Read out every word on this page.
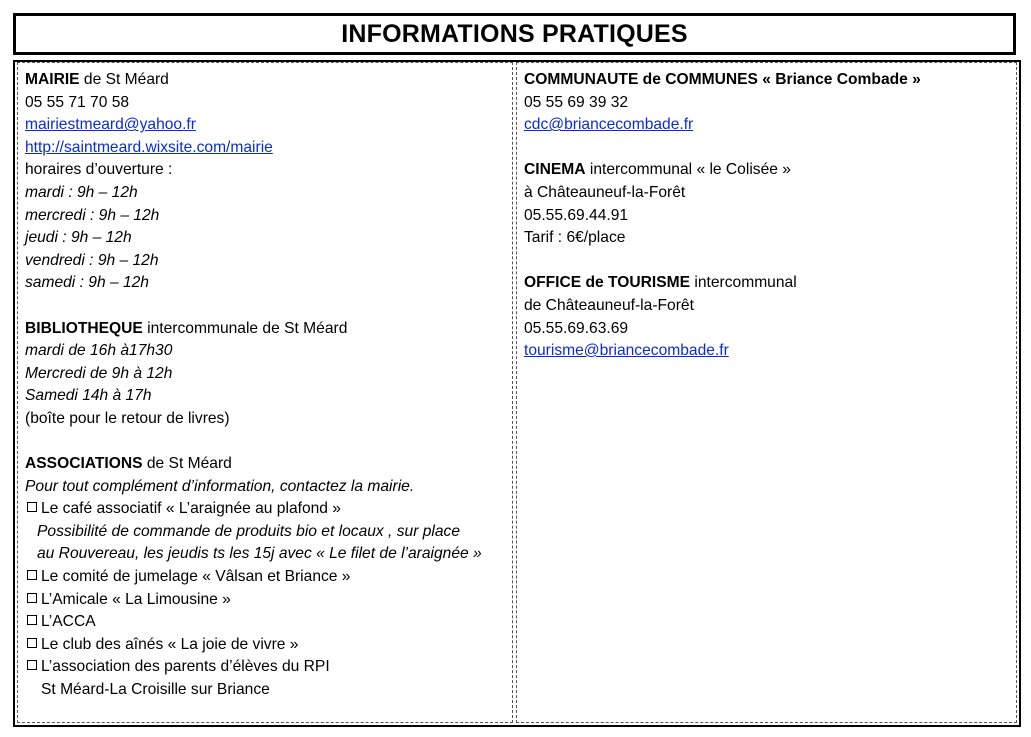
INFORMATIONS PRATIQUES
MAIRIE de St Méard
05 55 71 70 58
mairiestmeard@yahoo.fr
http://saintmeard.wixsite.com/mairie
horaires d’ouverture :
mardi : 9h – 12h
mercredi : 9h – 12h
jeudi : 9h – 12h
vendredi : 9h – 12h
samedi : 9h – 12h
BIBLIOTHEQUE intercommunale de St Méard
mardi de 16h à17h30
Mercredi de 9h à 12h
Samedi 14h à 17h
(boîte pour le retour de livres)
ASSOCIATIONS de St Méard
Pour tout complément d’information, contactez la mairie.
Le café associatif « L’araignée au plafond »
Possibilité de commande de produits bio et locaux , sur place
au Rouvereau, les jeudis ts les 15j avec « Le filet de l’araignée »
Le comité de jumelage « Vâlsan et Briance »
L’Amicale « La Limousine »
L’ACCA
Le club des aînés « La joie de vivre »
L’association des parents d’élèves du RPI
St Méard-La Croisille sur Briance
COMMUNAUTE de COMMUNES « Briance Combade »
05 55 69 39 32
cdc@briancecombade.fr
CINEMA intercommunal « le Colisée »
à Châteauneuf-la-Forêt
05.55.69.44.91
Tarif : 6€/place
OFFICE de TOURISME intercommunal
de Châteauneuf-la-Forêt
05.55.69.63.69
tourisme@briancecombade.fr
